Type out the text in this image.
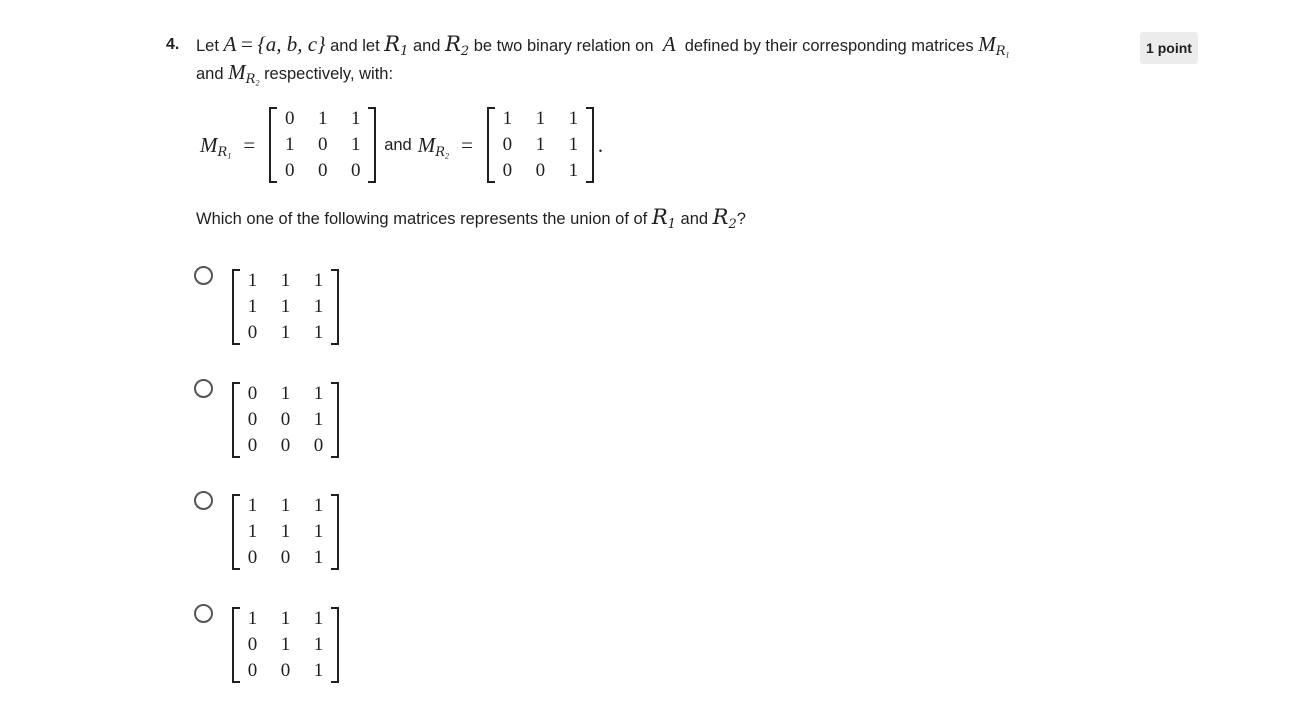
4.	1 point
Let
A
=
{a, b, c}
and let
$R_1$
and
$R_2$
be two binary relation on
A
defined by their corresponding matrices
$M_{R_1}$
and
$M_{R_2}$

respectively, with:
$M_{R_1}$ =
0	1	1
1	0	1
0	0	0
and $M_{R_2}$ =
1	1	1
0	1	1
0	0	1
.
Which one of the following matrices represents the union of of
$R_1$
and
$R_2$ ?
1	1	1
1	1	1
0	1	1
0	1	1
0	0	1
0	0	0
1	1	1
1	1	1
0	0	1
1	1	1
0	1	1
0	0	1
